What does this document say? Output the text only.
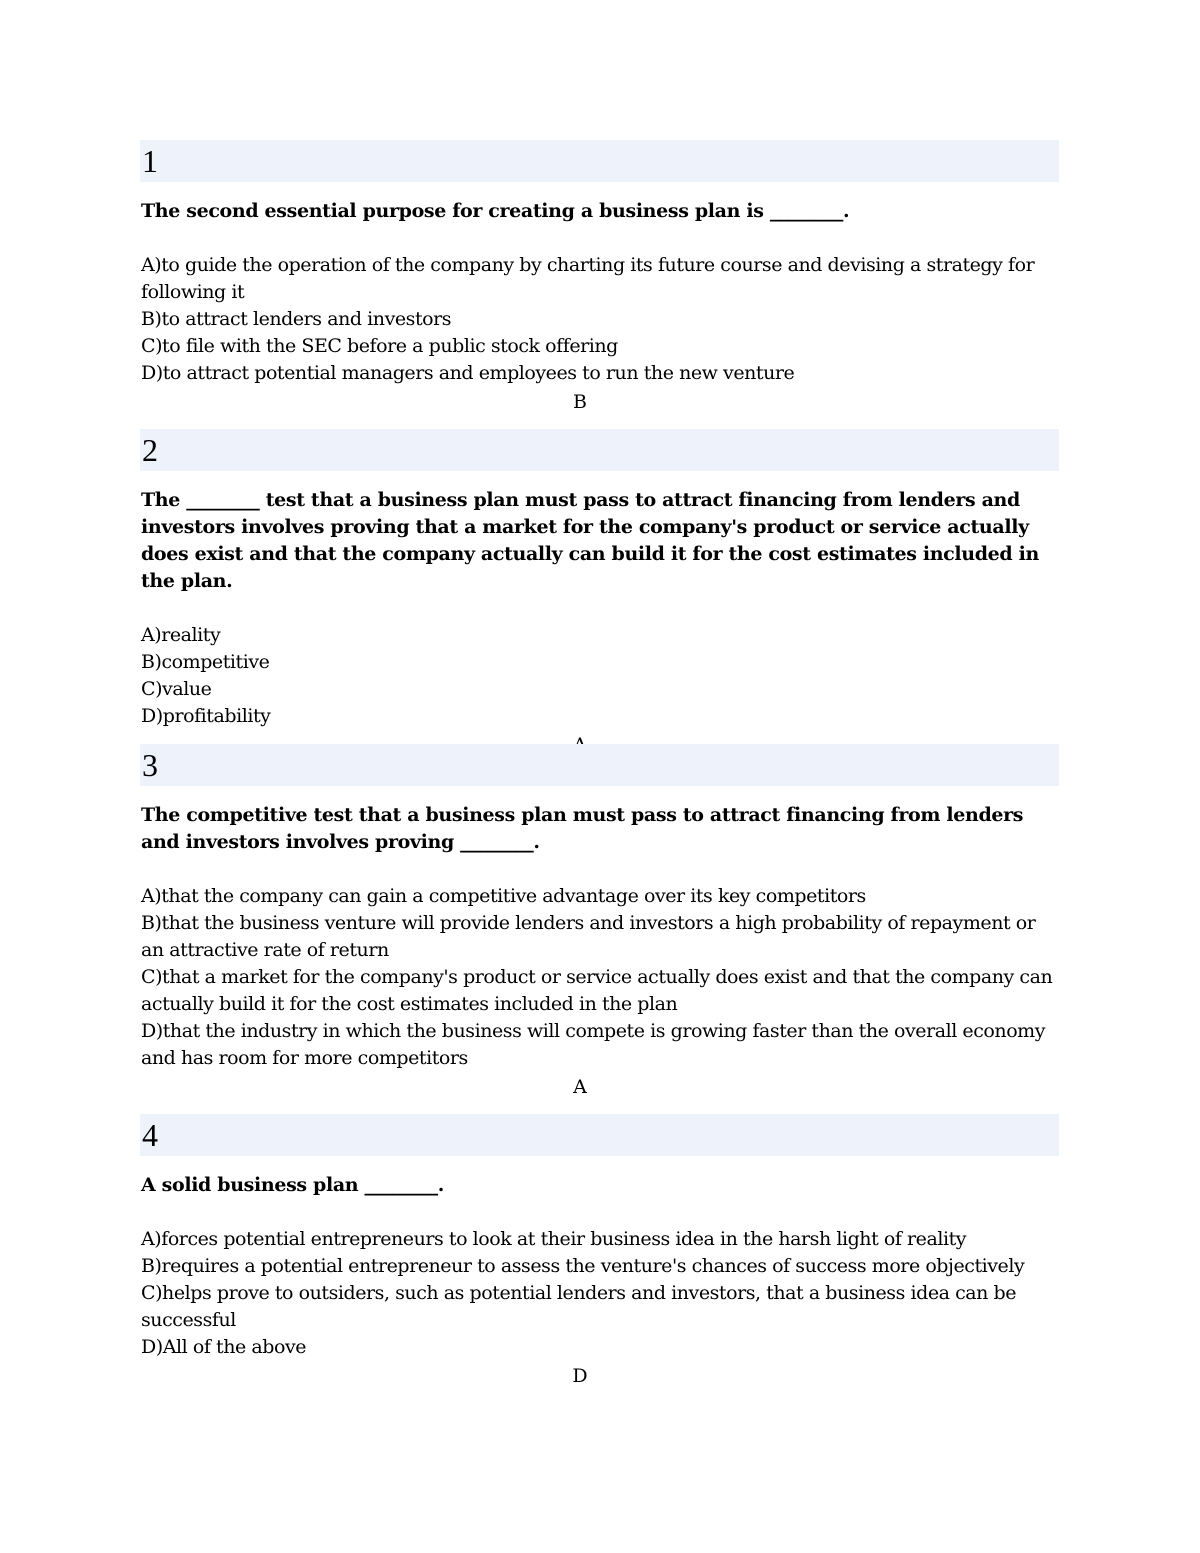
1
The second essential purpose for creating a business plan is ________.
A)to guide the operation of the company by charting its future course and devising a strategy for following it
B)to attract lenders and investors
C)to file with the SEC before a public stock offering
D)to attract potential managers and employees to run the new venture
B
2
The ________ test that a business plan must pass to attract financing from lenders and investors involves proving that a market for the company's product or service actually does exist and that the company actually can build it for the cost estimates included in the plan.
A)reality
B)competitive
C)value
D)profitability
3
The competitive test that a business plan must pass to attract financing from lenders and investors involves proving ________.
A)that the company can gain a competitive advantage over its key competitors
B)that the business venture will provide lenders and investors a high probability of repayment or an attractive rate of return
C)that a market for the company's product or service actually does exist and that the company can actually build it for the cost estimates included in the plan
D)that the industry in which the business will compete is growing faster than the overall economy and has room for more competitors
A
4
A solid business plan ________.
A)forces potential entrepreneurs to look at their business idea in the harsh light of reality
B)requires a potential entrepreneur to assess the venture's chances of success more objectively
C)helps prove to outsiders, such as potential lenders and investors, that a business idea can be successful
D)All of the above
D
